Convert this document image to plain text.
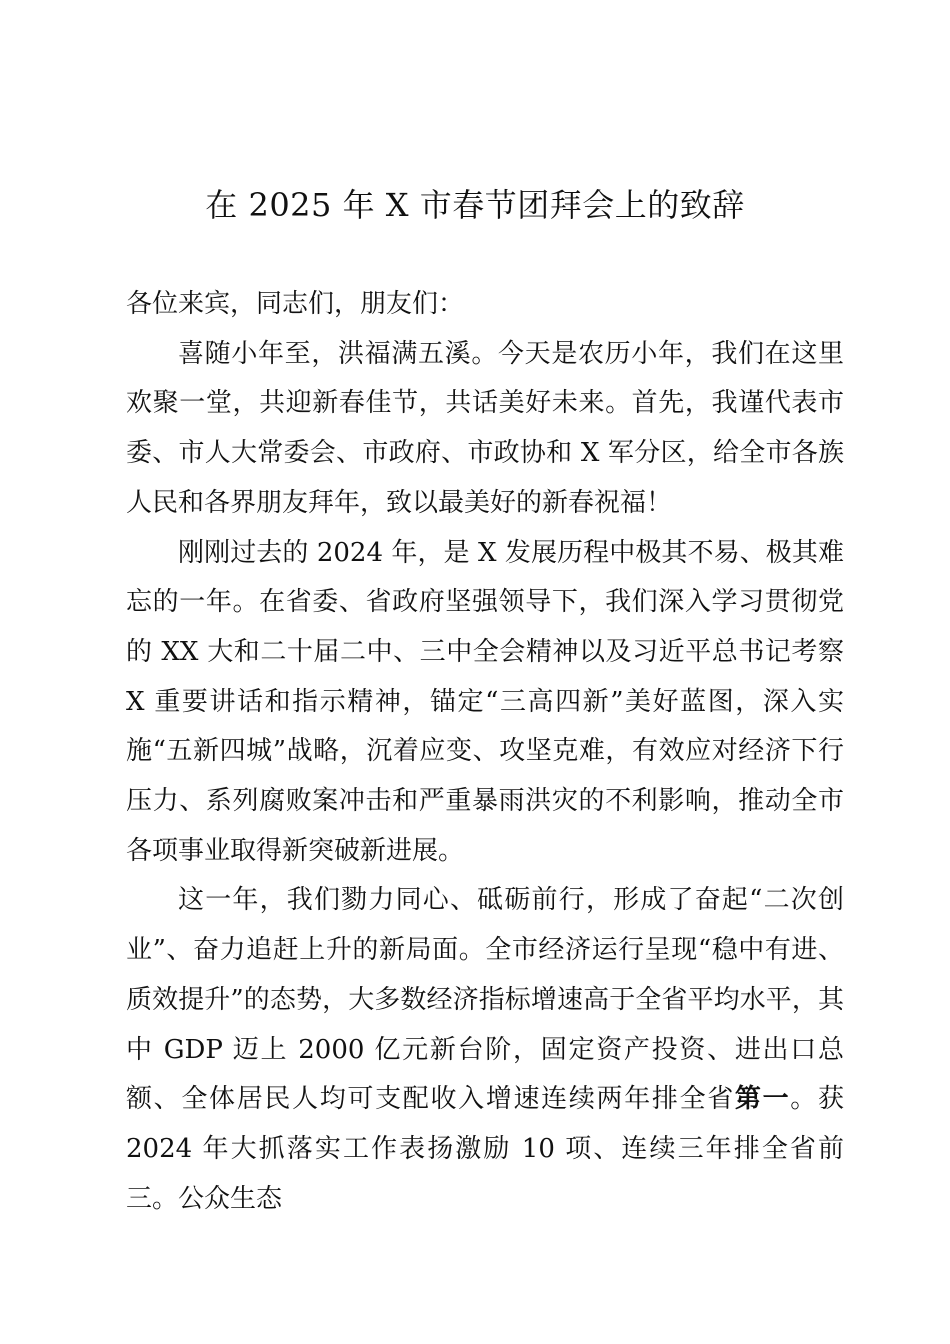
在 2025 年 X 市春节团拜会上的致辞

各位来宾，同志们，朋友们：

喜随小年至，洪福满五溪。今天是农历小年，我们在这里欢聚一堂，共迎新春佳节，共话美好未来。首先，我谨代表市委、市人大常委会、市政府、市政协和 X 军分区，给全市各族人民和各界朋友拜年，致以最美好的新春祝福！

刚刚过去的 2024 年，是 X 发展历程中极其不易、极其难忘的一年。在省委、省政府坚强领导下，我们深入学习贯彻党的 XX 大和二十届二中、三中全会精神以及习近平总书记考察 X 重要讲话和指示精神，锚定“三高四新”美好蓝图，深入实施“五新四城”战略，沉着应变、攻坚克难，有效应对经济下行压力、系列腐败案冲击和严重暴雨洪灾的不利影响，推动全市各项事业取得新突破新进展。

这一年，我们勠力同心、砥砺前行，形成了奋起“二次创业”、奋力追赶上升的新局面。全市经济运行呈现“稳中有进、质效提升”的态势，大多数经济指标增速高于全省平均水平，其中 GDP 迈上 2000 亿元新台阶，固定资产投资、进出口总额、全体居民人均可支配收入增速连续两年排全省第一。获 2024 年大抓落实工作表扬激励 10 项、连续三年排全省前三。公众生态
